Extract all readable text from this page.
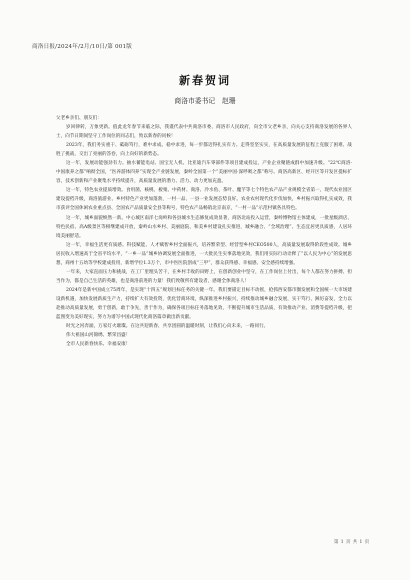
商洛日报/2024年/2月/10日/第 001版
新春贺词
商洛市委书记　赵珊

父老乡亲们、朋友们：

岁回律转，万象更新。值此龙年春节来临之际，我谨代表中共商洛市委、商洛市人民政府，向全市父老乡亲，向关心支持商洛发展的各界人士，向节日期间坚守工作岗位的同志们，致以新春的问候！

2023年，我们务实重干、砥砺笃行，难中求成、稳中求进，每一步都迈得扎实有力。走得坚坚实实，在高质量发展的征程上克服了困难、战胜了挑战，交出了亮丽的答卷，向上向好的新势态。

这一年，发展动能强劲有力。抽水蓄能电站、国宝无人机、比亚迪汽车零部件等项目建成投运，产业企业聚链成群中加速升级。“22℃商洛·中国康养之都”响彻全国，“医养游体四养”实现全产业链发展，秦岭全国第一个“美丽中国·深呼吸之都”称号。商洛高新区、经开区等开发区提标扩容，技术创新和产业聚集水平持续提升，高质量发展的潜力、活力、动力更加充盈。

这一年，特色农业提质增效。食用菌、核桃、板栗、中药材、商洛、冷水鱼、茶叶、魔芋等七个特色农产品产业规模全省第一，现代农业园区建设提档升级，商洛旅游业、乡村特色产业更加蓬勃，一村一品、一县一业发展态势良好。农业农村现代化步伐加快，乡村振兴取得扎实成效，我市获评全国休闲农业重点县、全国农产品质量安全县等称号，特色农产品畅销北京南京，“一村一品”示范村镇各具特色。

这一年，城乡面貌焕然一新。中心城区南洋七岗岭和各县城水生态修复成效显著，商洛北站投入运营，秦岭博物馆主体建成，一批星级酒店、特色民宿、高A级景区等相继建成开放，秦岭山水乡村、美丽庭院、和美乡村建设扎实推进，城乡融合、“全域治理”、生态宜居更具质感，人居环境美丽舒适。

这一年，幸福生活更有质感。科技赋能、人才赋智乡村全面振兴，培养繁荣型、经营型乡村CEO500人，高质量发展取得阶段性成效。城乡居民收入增速高于全省平均水平，“一乡一品”城乡协调发展全面推进，一大批民生实事落地见效，我们用实际行动诠释了“以人民为中心”的发展思想，商州十五幼等学校建成投用，新增学位1.3万个，市中医医院创成“三甲”，群众获得感、幸福感、安全感持续增强。

一年来，大家直面压力和挑战，在工厂里埋头苦干，在乡村丰收的田野上，在创新创业中坚守，在工作岗位上付出，每个人都在努力拼搏、担当作为，都是自己生活的英雄，也是商洛前进的力量！我们致敬所有建设者，感谢全体商洛人！

2024年是新中国成立75周年，是实现“十四五”规划目标任务的关键一年。我们要锚定目标不动摇，抢抓西安都市圈发展和全国统一大市场建设新机遇，加快发展新质生产力，持续扩大有效投资，优化营商环境，纵深推进乡村振兴，持续推动城乡融合发展，实干笃行、踔厉奋发，全力以赴推动高质量发展，勇于创新，敢于争先，善于作为，确保各项目标任务落地见效，不断提升城市生活品质，有效推动产业、消费等提档升级，把蓝图变为美好现实，努力为谱写中国式现代化商洛篇章做出新贡献。

时光之河奔涌，万家灯火璀璨。在这共迎新春、共享团圆的温暖时刻，让我们心向未来，一路同行。

伟大祖国山河锦绣、繁荣昌盛！

全市人民新春快乐、幸福安康！

第 1 页 共 1 页
